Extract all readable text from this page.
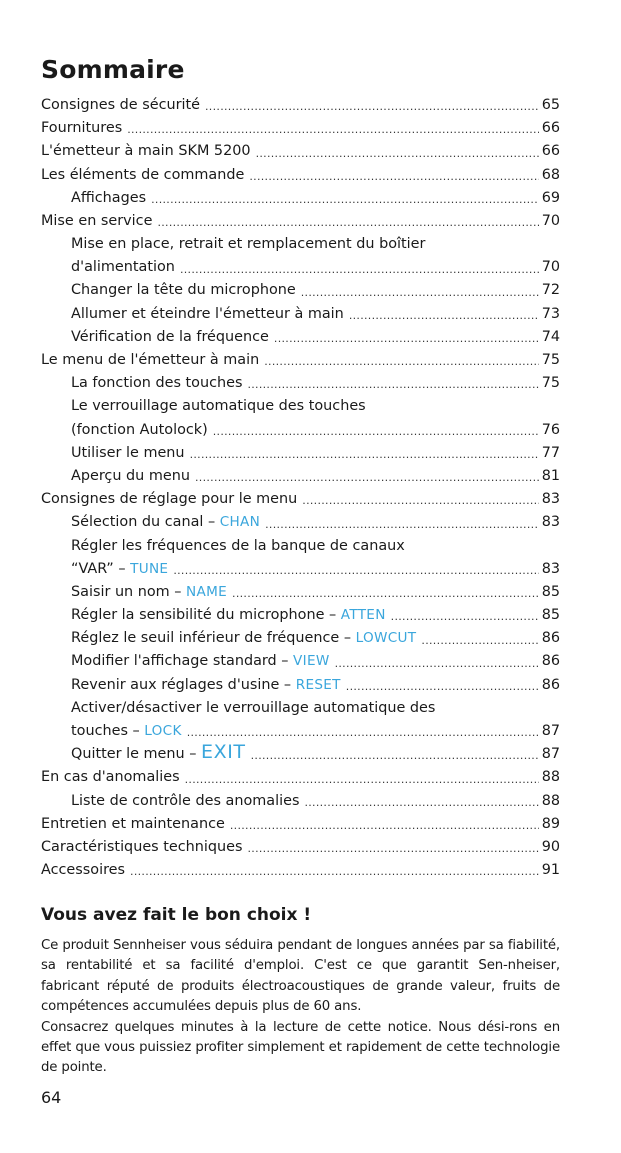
Sommaire
Consignes de sécurité . . .	65
Fournitures . . .	66
L'émetteur à main SKM 5200 . . .	66
Les éléments de commande . . .	68
Affichages . . .	69
Mise en service . . .	70
Mise en place, retrait et remplacement du boîtier
d'alimentation . . .	70
Changer la tête du microphone . . .	72
Allumer et éteindre l'émetteur à main . . .	73
Vérification de la fréquence . . .	74
Le menu de l'émetteur à main . . .	75
La fonction des touches . . .	75
Le verrouillage automatique des touches
(fonction Autolock) . . .	76
Utiliser le menu . . .	77
Aperçu du menu . . .	81
Consignes de réglage pour le menu . . .	83
Sélection du canal – CHAN . . .	83
Régler les fréquences de la banque de canaux
“VAR” – TUNE . . .	83
Saisir un nom – NAME . . .	85
Régler la sensibilité du microphone – ATTEN . . .	85
Réglez le seuil inférieur de fréquence – LOWCUT . . .	86
Modifier l'affichage standard – VIEW . . .	86
Revenir aux réglages d'usine – RESET . . .	86
Activer/désactiver le verrouillage automatique des
touches – LOCK . . .	87
Quitter le menu – EXIT . . .	87
En cas d'anomalies . . .	88
Liste de contrôle des anomalies . . .	88
Entretien et maintenance . . .	89
Caractéristiques techniques . . .	90
Accessoires . . .	91
Vous avez fait le bon choix !

Ce produit Sennheiser vous séduira pendant de longues années par sa fiabilité, sa rentabilité et sa facilité d'emploi. C'est ce que garantit Sen-nheiser, fabricant réputé de produits électroacoustiques de grande valeur, fruits de compétences accumulées depuis plus de 60 ans.

Consacrez quelques minutes à la lecture de cette notice. Nous dési-rons en effet que vous puissiez profiter simplement et rapidement de cette technologie de pointe.

64
